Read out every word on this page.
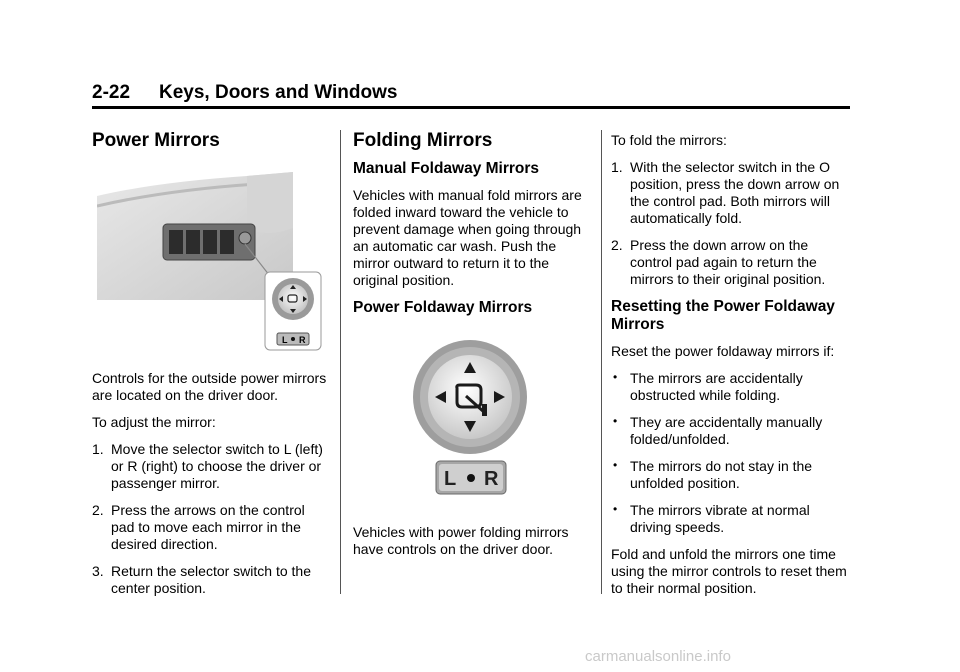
2-22 Keys, Doors and Windows
Power Mirrors
L R

Controls for the outside power mirrors are located on the driver door.

To adjust the mirror:

1. Move the selector switch to L (left) or R (right) to choose the driver or passenger mirror.
2. Press the arrows on the control pad to move each mirror in the desired direction.
3. Return the selector switch to the center position.
Folding Mirrors
Manual Foldaway Mirrors

Vehicles with manual fold mirrors are folded inward toward the vehicle to prevent damage when going through an automatic car wash. Push the mirror outward to return it to the original position.

Power Foldaway Mirrors
L R

Vehicles with power folding mirrors have controls on the driver door.

To fold the mirrors:

1. With the selector switch in the O position, press the down arrow on the control pad. Both mirrors will automatically fold.
2. Press the down arrow on the control pad again to return the mirrors to their original position.
Resetting the Power Foldaway Mirrors

Reset the power foldaway mirrors if:

• The mirrors are accidentally obstructed while folding.
• They are accidentally manually folded/unfolded.
• The mirrors do not stay in the unfolded position.
• The mirrors vibrate at normal driving speeds.

Fold and unfold the mirrors one time using the mirror controls to reset them to their normal position.

carmanualsonline.info
